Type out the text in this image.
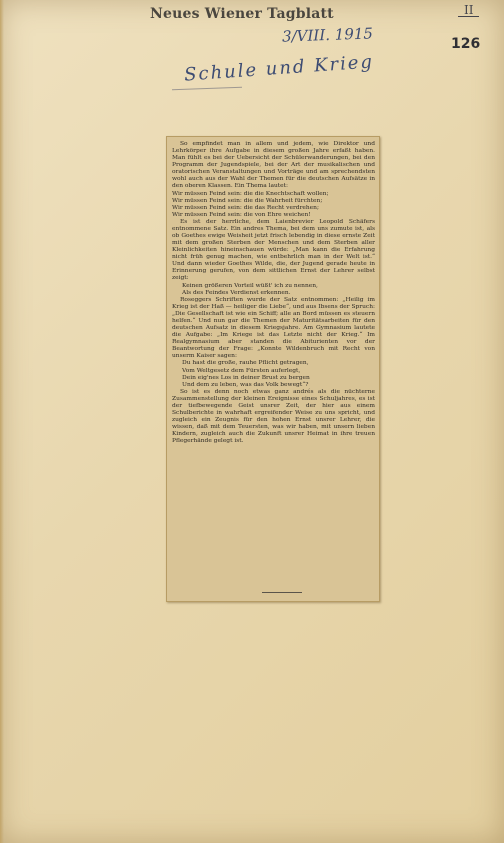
II
Neues Wiener Tagblatt
3/VIII. 1915	126
Schule und Krieg

So empfindet man in allem und jedem, wie Direktor und Lehrkörper ihre Aufgabe in diesem großen Jahre erfaßt haben. Man fühlt es bei der Uebersicht der Schülerwanderungen, bei den Programm der Jugendspiele, bei der Art der musikalischen und oratorischen Veranstaltungen und Vorträge und am sprechendsten wohl auch aus der Wahl der Themen für die deutschen Aufsätze in den oberen Klassen. Ein Thema lautet:

Wir müssen Feind sein: die die Knechtschaft wollen;

Wir müssen Feind sein: die die Wahrheit fürchten;

Wir müssen Feind sein: die das Recht verdrehen;

Wir müssen Feind sein: die von Ehre weichen!

Es ist der herrliche, dem Laienbrevier Leopold Schäfers entnommene Satz. Ein andres Thema, bei dem uns zumute ist, als ob Goethes ewige Weisheit jetzt frisch lebendig in diese ernste Zeit mit dem großen Sterben der Menschen und dem Sterben aller Kleinlichkeiten hineinschauen würde: „Man kann die Erfahrung nicht früh genug machen, wie entbehrlich man in der Welt ist.“ Und dann wieder Goethes Wilde, die, der Jugend gerade heute in Erinnerung gerufen, von dem sittlichen Ernst der Lehrer selbst zeigt:

Keinen größeren Vorteil wüßt' ich zu nennen,

Als des Feindes Verdienst erkennen.

Roseggers Schriften wurde der Satz entnommen: „Heilig im Krieg ist der Haß — heiliger die Liebe“, und aus Ibsens der Spruch: „Die Gesellschaft ist wie ein Schiff; alle an Bord müssen es steuern helfen.“ Und nun gar die Themen der Maturitätsarbeiten für den deutschen Aufsatz in diesem Kriegsjahre. Am Gymnasium lautete die Aufgabe: „Im Kriege ist das Letzte nicht der Krieg.“ Im Realgymnasium aber standen die Abiturienten vor der Beantwortung der Frage: „Konnte Wildenbruch mit Recht von unserm Kaiser sagen:

Du hast die große, rauhe Pflicht getragen,

Vom Weltgesetz dem Fürsten auferlegt,

Dein eig'nes Los in deiner Brust zu bergen

Und dem zu leben, was das Volk bewegt“?

So ist es denn noch etwas ganz andrés als die nüchterne Zusammenstellung der kleinen Ereignisse eines Schuljahres, es ist der tiefbewegende Geist unsrer Zeit, der hier aus einem Schulberichte in wahrhaft ergreifender Weise zu uns spricht, und zugleich ein Zeugnis für den hohen Ernst unsrer Lehrer, die wissen, daß mit dem Teuersten, was wir haben, mit unsern lieben Kindern, zugleich auch die Zukunft unsrer Heimat in ihre treuen Pflegerhände gelegt ist.
